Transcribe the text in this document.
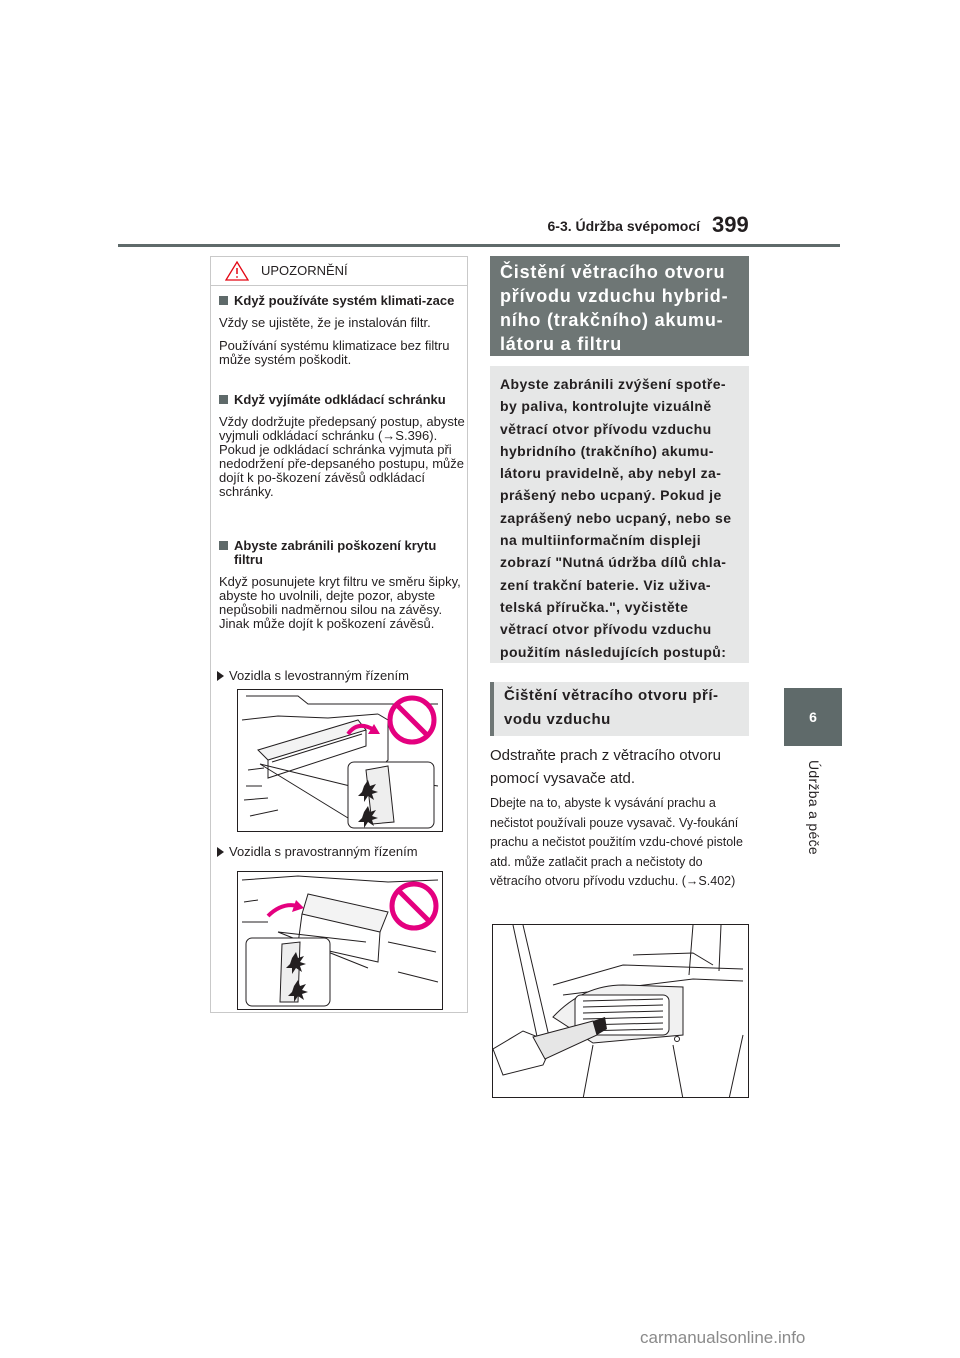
6-3. Údržba svépomocí 399
6
Údržba a péče
UPOZORNĚNÍ
Když používáte systém klimati-zace
Vždy se ujistěte, že je instalován filtr.
Používání systému klimatizace bez filtru může systém poškodit.
Když vyjímáte odkládací schránku
Vždy dodržujte předepsaný postup, abyste vyjmuli odkládací schránku (→S.396). Pokud je odkládací schránka vyjmuta při nedodržení pře-depsaného postupu, může dojít k po-škození závěsů odkládací schránky.
Abyste zabránili poškození krytu filtru
Když posunujete kryt filtru ve směru šipky, abyste ho uvolnili, dejte pozor, abyste nepůsobili nadměrnou silou na závěsy. Jinak může dojít k poškození závěsů.
Vozidla s levostranným řízením
Vozidla s pravostranným řízením
Čistění větracího otvoru přívodu vzduchu hybrid-ního (trakčního) akumu-látoru a filtru
Abyste zabránili zvýšení spotře-by paliva, kontrolujte vizuálně větrací otvor přívodu vzduchu hybridního (trakčního) akumu-látoru pravidelně, aby nebyl za-prášený nebo ucpaný. Pokud je zaprášený nebo ucpaný, nebo se na multiinformačním displeji zobrazí "Nutná údržba dílů chla-zení trakční baterie. Viz uživa-telská příručka.", vyčistěte větrací otvor přívodu vzduchu použitím následujících postupů:
Čištění větracího otvoru pří-vodu vzduchu
Odstraňte prach z větracího otvoru pomocí vysavače atd.
Dbejte na to, abyste k vysávání prachu a nečistot používali pouze vysavač. Vy-foukání prachu a nečistot použitím vzdu-chové pistole atd. může zatlačit prach a nečistoty do větracího otvoru přívodu vzduchu. (→S.402)
carmanualsonline.info
